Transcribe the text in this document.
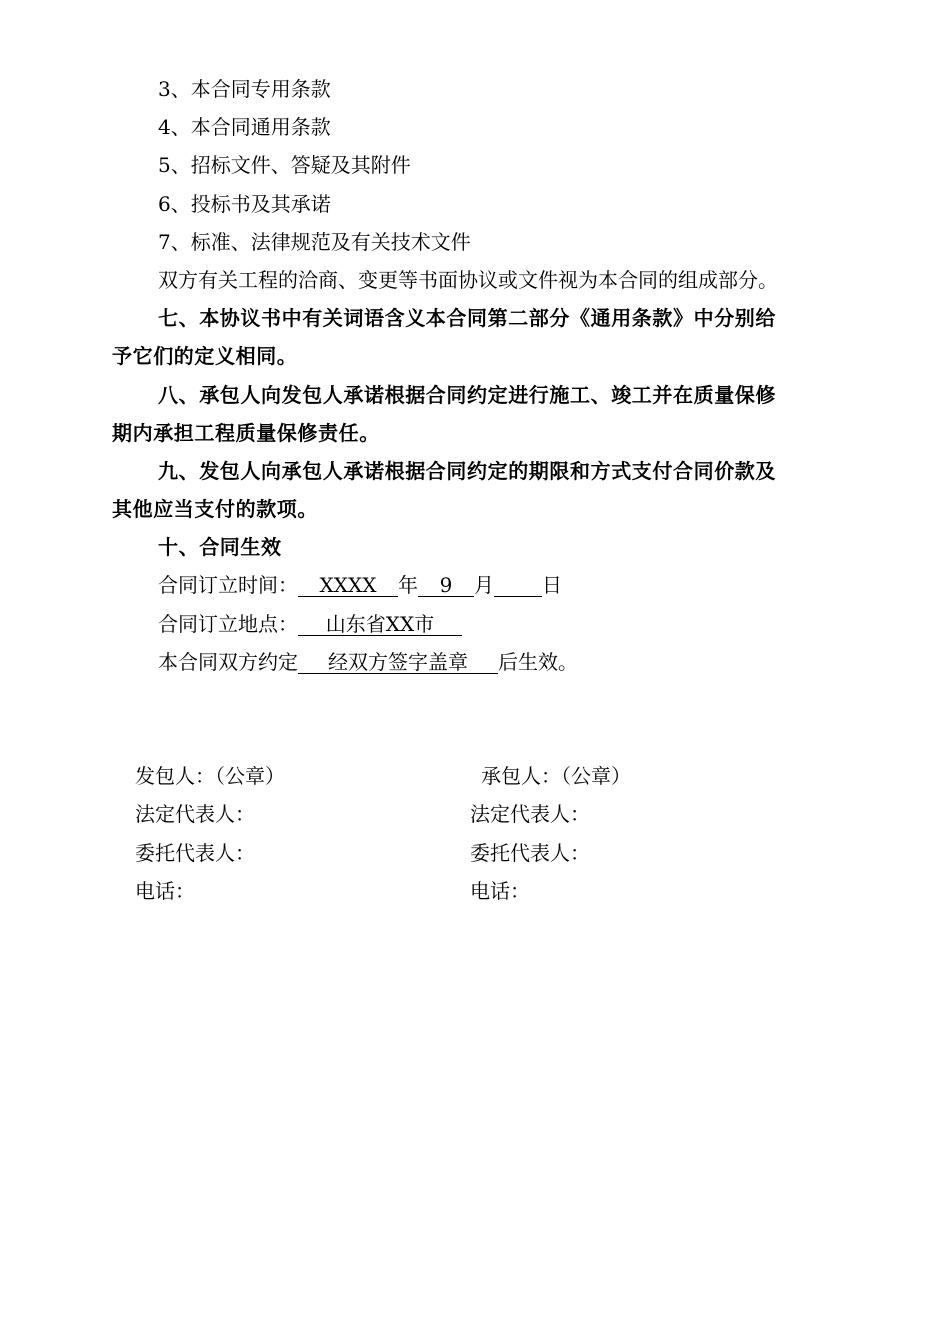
3、本合同专用条款
4、本合同通用条款
5、招标文件、答疑及其附件
6、投标书及其承诺
7、标准、法律规范及有关技术文件
双方有关工程的洽商、变更等书面协议或文件视为本合同的组成部分。
七、本协议书中有关词语含义本合同第二部分《通用条款》中分别给
予它们的定义相同。
八、承包人向发包人承诺根据合同约定进行施工、竣工并在质量保修
期内承担工程质量保修责任。
九、发包人向承包人承诺根据合同约定的期限和方式支付合同价款及
其他应当支付的款项。
十、合同生效
合同订立时间： XXXX 年 9 月 日
合同订立地点： 山东省XX市
本合同双方约定 经双方签字盖章 后生效。
发包人：（公章）
法定代表人：
委托代表人：
电话：
承包人：（公章）
法定代表人：
委托代表人：
电话：
